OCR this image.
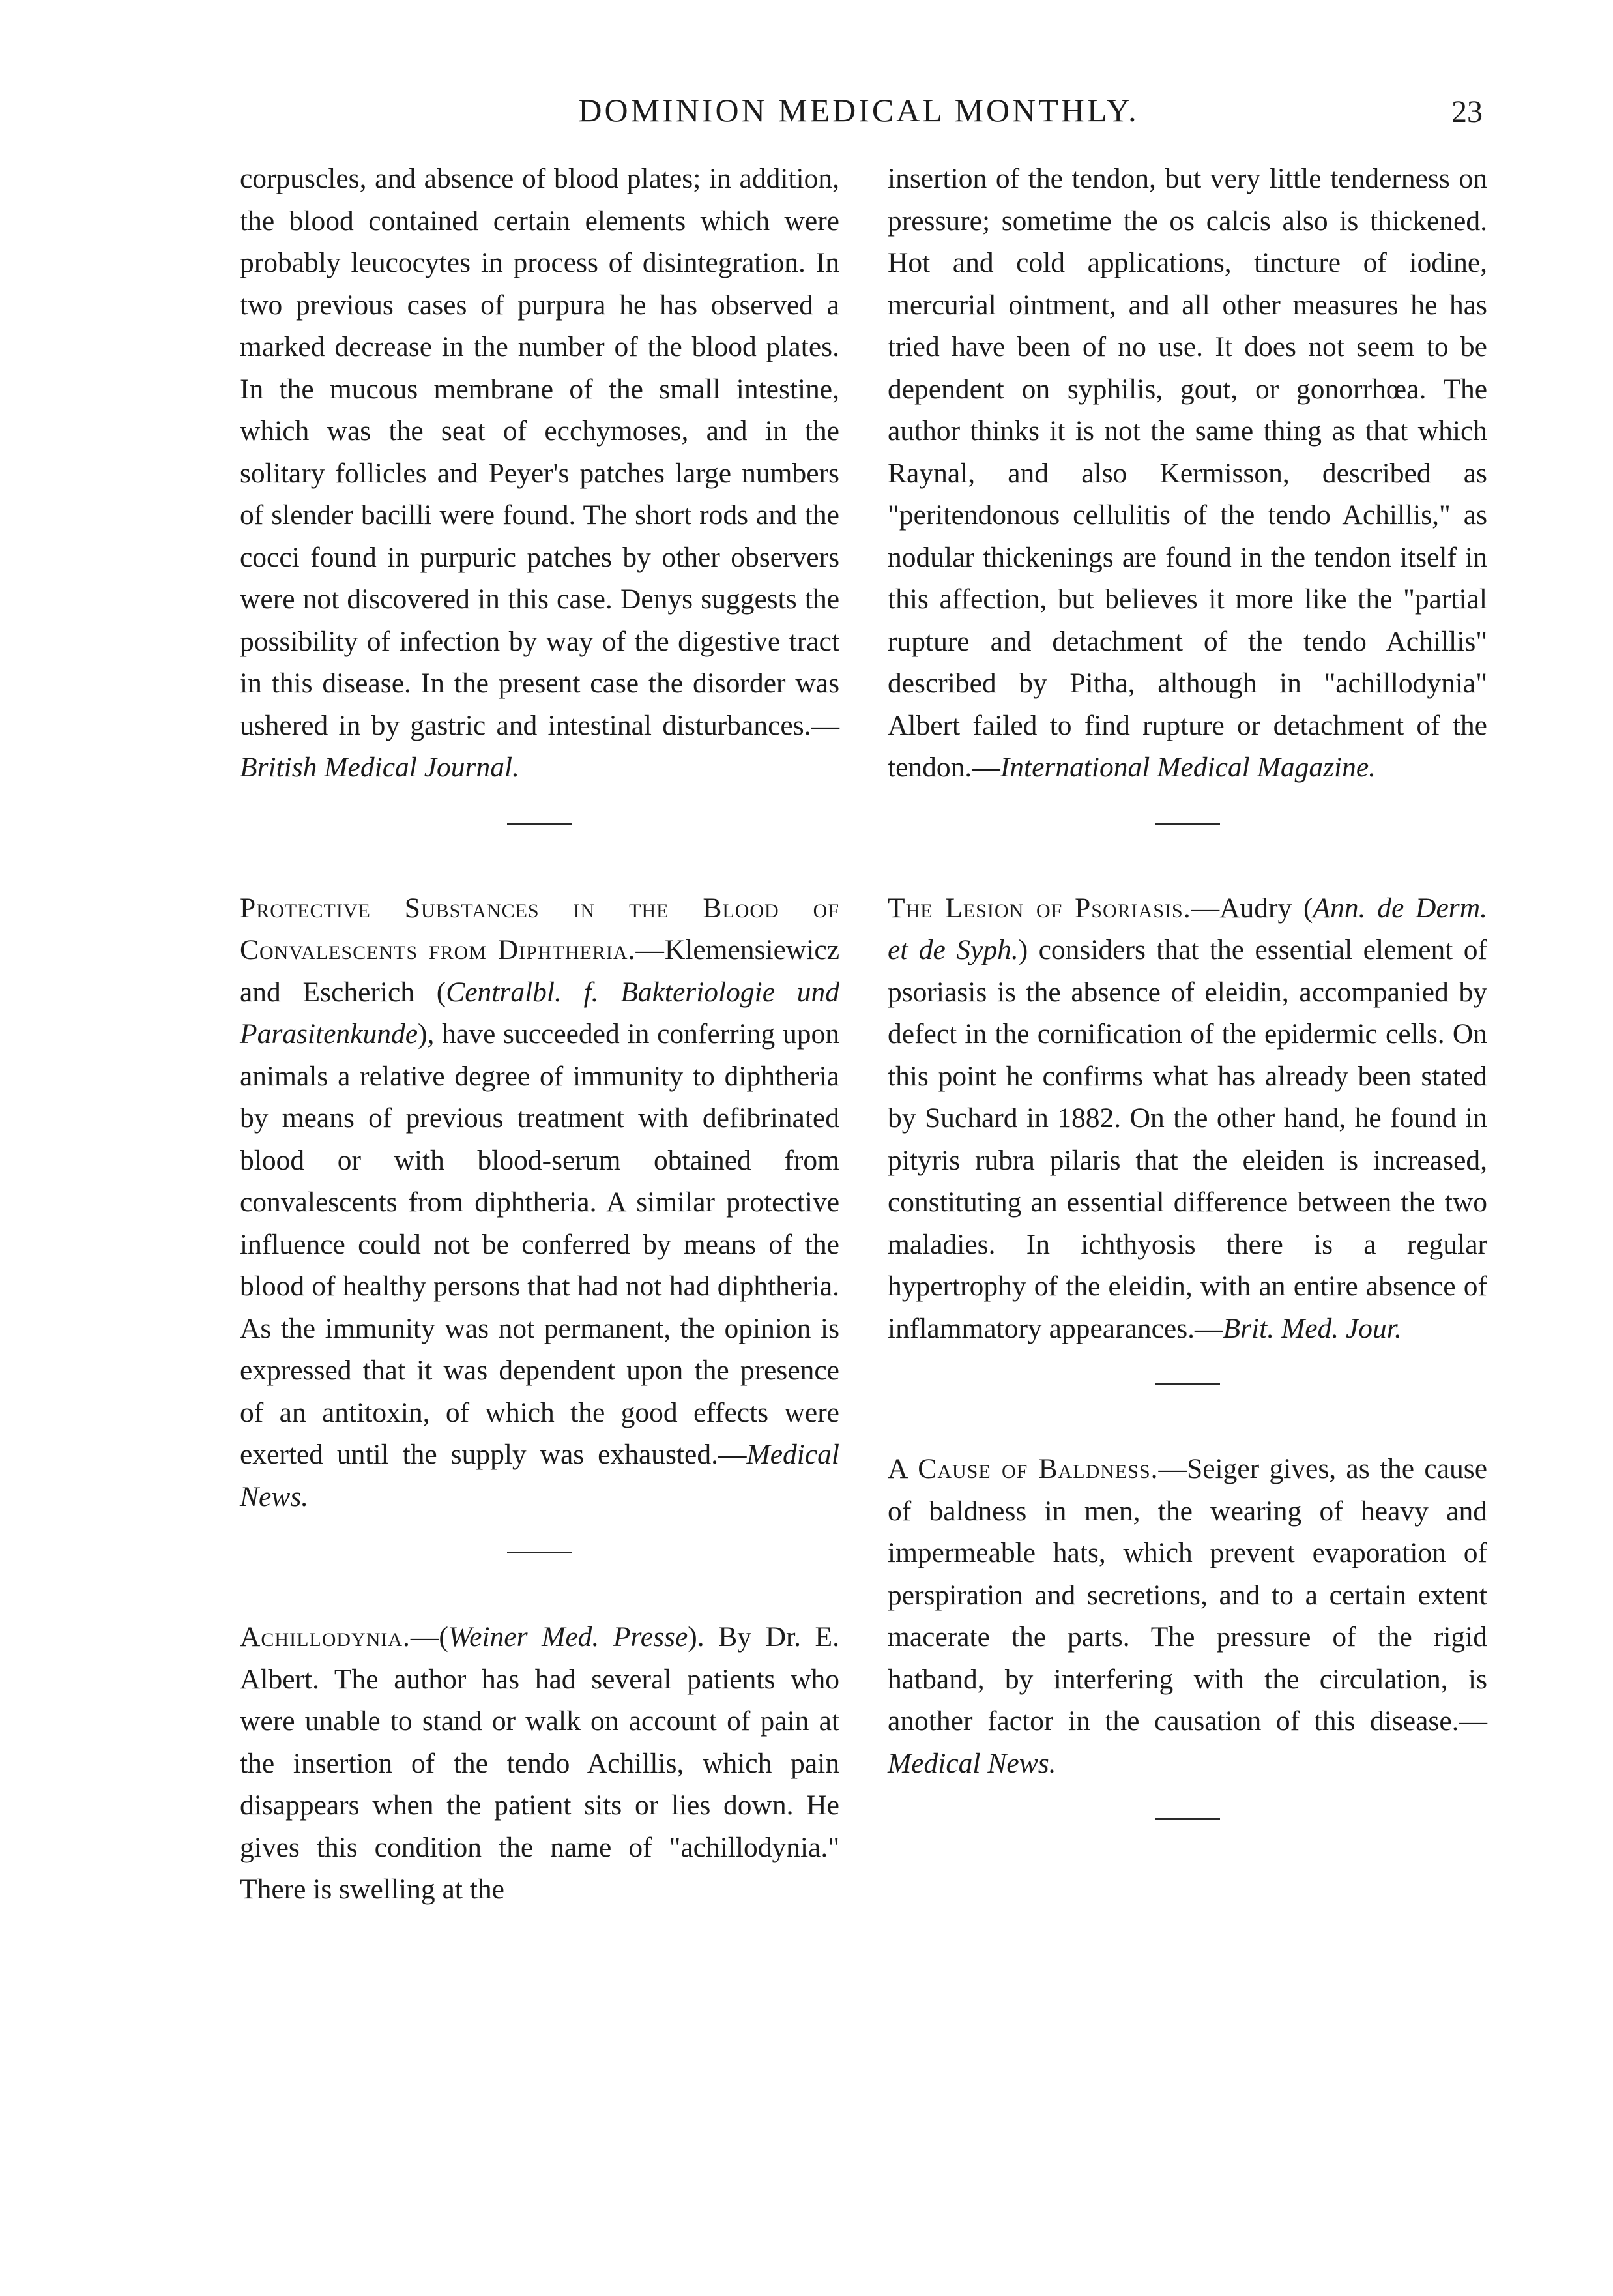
DOMINION MEDICAL MONTHLY.	23

corpuscles, and absence of blood plates; in addition, the blood contained certain elements which were probably leucocytes in process of disintegration. In two previous cases of purpura he has observed a marked decrease in the number of the blood plates. In the mucous membrane of the small intestine, which was the seat of ecchymoses, and in the solitary follicles and Peyer's patches large numbers of slender bacilli were found. The short rods and the cocci found in purpuric patches by other observers were not discovered in this case. Denys suggests the possibility of infection by way of the digestive tract in this disease. In the present case the disorder was ushered in by gastric and intestinal disturbances.—British Medical Journal.

Protective Substances in the Blood of Convalescents from Diphtheria.—Klemensiewicz and Escherich (Centralbl. f. Bakteriologie und Parasitenkunde), have succeeded in conferring upon animals a relative degree of immunity to diphtheria by means of previous treatment with defibrinated blood or with blood-serum obtained from convalescents from diphtheria. A similar protective influence could not be conferred by means of the blood of healthy persons that had not had diphtheria. As the immunity was not permanent, the opinion is expressed that it was dependent upon the presence of an antitoxin, of which the good effects were exerted until the supply was exhausted.—Medical News.

Achillodynia.—(Weiner Med. Presse). By Dr. E. Albert. The author has had several patients who were unable to stand or walk on account of pain at the insertion of the tendo Achillis, which pain disappears when the patient sits or lies down. He gives this condition the name of "achillodynia." There is swelling at the

insertion of the tendon, but very little tenderness on pressure; sometime the os calcis also is thickened. Hot and cold applications, tincture of iodine, mercurial ointment, and all other measures he has tried have been of no use. It does not seem to be dependent on syphilis, gout, or gonorrhœa. The author thinks it is not the same thing as that which Raynal, and also Kermisson, described as "peritendonous cellulitis of the tendo Achillis," as nodular thickenings are found in the tendon itself in this affection, but believes it more like the "partial rupture and detachment of the tendo Achillis" described by Pitha, although in "achillodynia" Albert failed to find rupture or detachment of the tendon.—International Medical Magazine.

The Lesion of Psoriasis.—Audry (Ann. de Derm. et de Syph.) considers that the essential element of psoriasis is the absence of eleidin, accompanied by defect in the cornification of the epidermic cells. On this point he confirms what has already been stated by Suchard in 1882. On the other hand, he found in pityris rubra pilaris that the eleiden is increased, constituting an essential difference between the two maladies. In ichthyosis there is a regular hypertrophy of the eleidin, with an entire absence of inflammatory appearances.—Brit. Med. Jour.

A Cause of Baldness.—Seiger gives, as the cause of baldness in men, the wearing of heavy and impermeable hats, which prevent evaporation of perspiration and secretions, and to a certain extent macerate the parts. The pressure of the rigid hatband, by interfering with the circulation, is another factor in the causation of this disease.—Medical News.
